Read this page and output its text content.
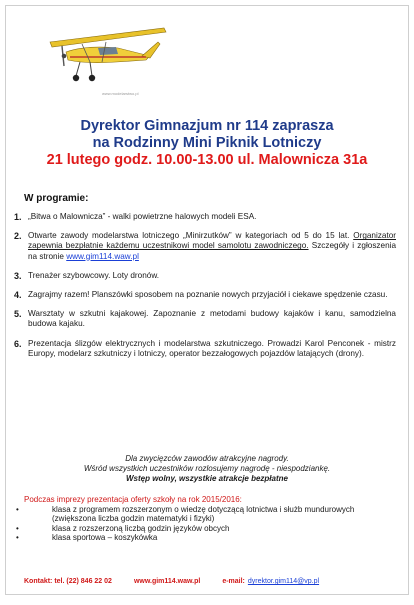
www.modelarstwo.pl
Dyrektor Gimnazjum nr 114 zaprasza
na Rodzinny Mini Piknik Lotniczy
21 lutego godz. 10.00-13.00 ul. Malownicza 31a
W programie:
1. „Bitwa o Malownicza” - walki powietrzne halowych modeli ESA.
2. Otwarte zawody modelarstwa lotniczego „Minirzutków” w kategoriach od 5 do 15 lat. Organizator zapewnia bezpłatnie każdemu uczestnikowi model samolotu zawodniczego. Szczegóły i zgłoszenia na stronie www.gim114.waw.pl
3. Trenażer szybowcowy. Loty dronów.
4. Zagrajmy razem! Planszówki sposobem na poznanie nowych przyjaciół i ciekawe spędzenie czasu.
5. Warsztaty w szkutni kajakowej. Zapoznanie z metodami budowy kajaków i kanu, samodzielna budowa kajaku.
6. Prezentacja ślizgów elektrycznych i modelarstwa szkutniczego. Prowadzi Karol Penconek - mistrz Europy, modelarz szkutniczy i lotniczy, operator bezzałogowych pojazdów latających (drony).
Dla zwycięzców zawodów atrakcyjne nagrody.
Wśród wszystkich uczestników rozlosujemy nagrodę - niespodziankę.
Wstęp wolny, wszystkie atrakcje bezpłatne
Podczas imprezy prezentacja oferty szkoły na rok 2015/2016:
•	klasa z programem rozszerzonym o wiedzę dotyczącą lotnictwa i służb mundurowych (zwiększona liczba godzin matematyki i fizyki)
•	klasa z rozszerzoną liczbą godzin języków obcych
•	klasa sportowa – koszykówka
Kontakt: tel. (22) 846 22 02	www.gim114.waw.pl	e-mail: dyrektor.gim114@vp.pl
